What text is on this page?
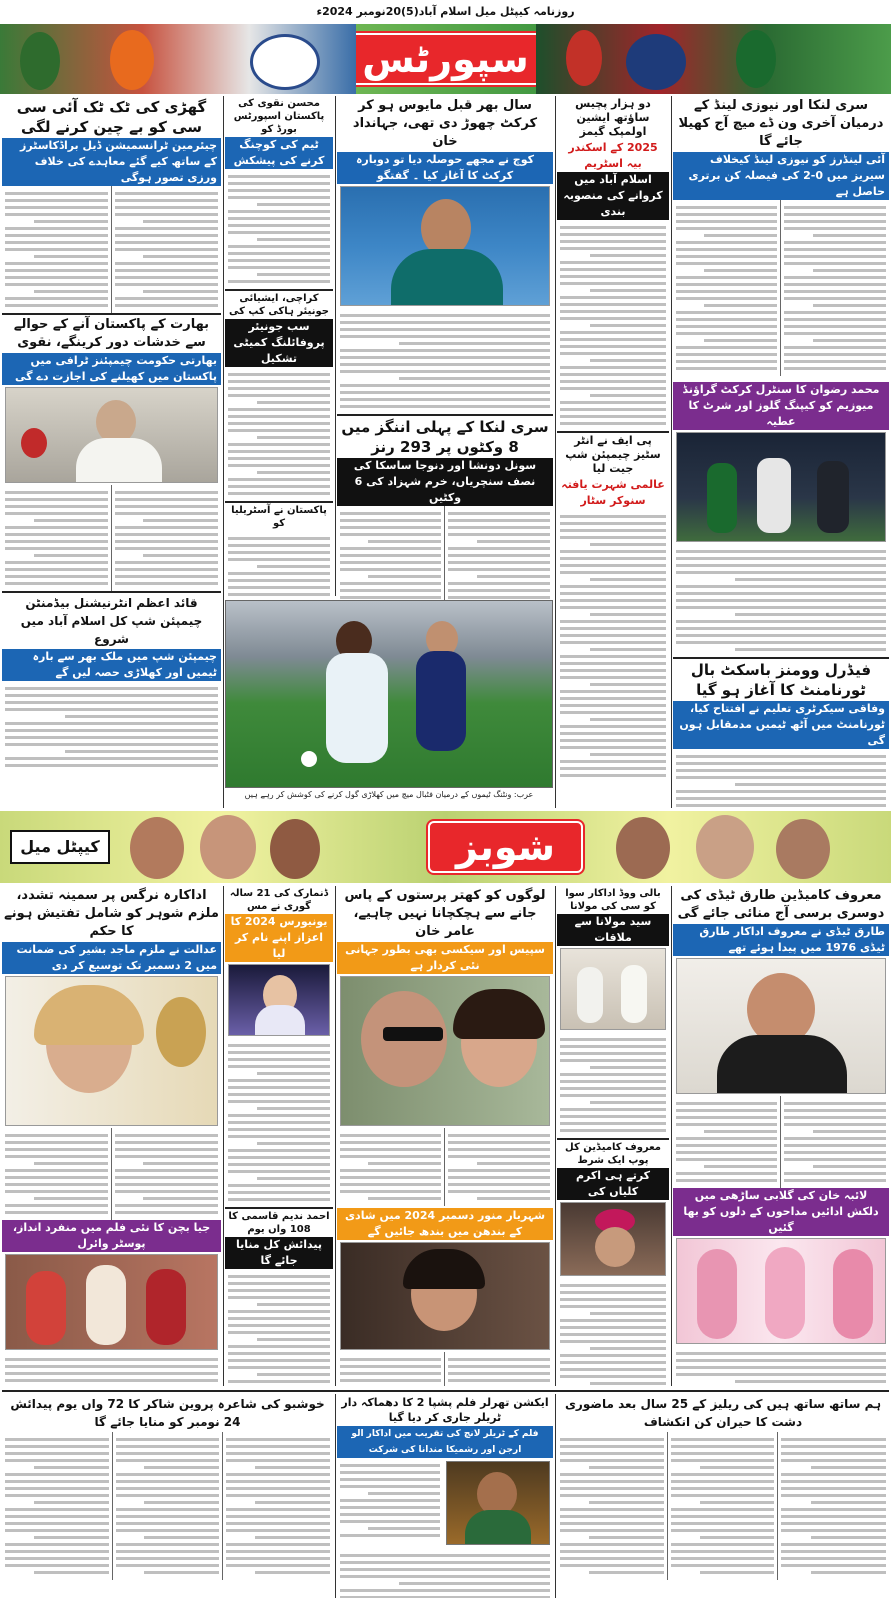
روزنامہ کیپٹل میل اسلام آباد(5)20نومبر 2024ء
سپورٹس
سری لنکا اور نیوزی لینڈ کے درمیان آخری ون ڈے میچ آج کھیلا جائے گا
آئی لینڈرز کو نیوزی لینڈ کیخلاف سیریز میں 0-2 کی فیصلہ کن برتری حاصل ہے
محمد رضوان کا سنٹرل کرکٹ گراؤنڈ میوزیم کو کیپنگ گلوز اور شرٹ کا عطیہ
فیڈرل وومنز باسکٹ بال ٹورنامنٹ کا آغاز ہو گیا
وفاقی سیکرٹری تعلیم نے افتتاح کیا، ٹورنامنٹ میں آٹھ ٹیمیں مدمقابل ہوں گی
دو ہزار پچیس ساؤتھ ایشین اولمپک گیمز
2025 کے اسکندر بیہ اسٹریم
اسلام آباد میں کروانے کی منصوبہ بندی
پی ایف نے انٹر سٹیز چیمپئن شپ جیت لیا
عالمی شہرت یافتہ سنوکر سٹار
سال بھر قبل مایوس ہو کر کرکٹ چھوڑ دی تھی، جہانداد خان
کوچ نے مجھے حوصلہ دیا تو دوبارہ کرکٹ کا آغاز کیا ۔ گفتگو
سری لنکا کے پہلی اننگز میں 8 وکٹوں پر 293 رنز
سونل دونشا اور دنوجا ساسکا کی نصف سنچریاں، خرم شہزاد کی 6 وکٹیں
محسن نقوی کی پاکستان اسپورٹس بورڈ کو
ٹیم کی کوچنگ کرنے کی پیشکش
کراچی، ایشیائی جونیئر ہاکی کپ کی
سب جونیئر پروفائلنگ کمیٹی تشکیل
پاکستان نے آسٹریلیا کو
عرب: ونٹنگ ٹیموں کے درمیان فٹبال میچ میں کھلاڑی گول کرنے کی کوشش کر رہے ہیں
گھڑی کی ٹک ٹک آئی سی سی کو بے چین کرنے لگی
چیئرمین ٹرانسمیشن ڈیل براڈکاسٹرز کے ساتھ کیے گئے معاہدے کی خلاف ورزی تصور ہوگی
بھارت کے پاکستان آنے کے حوالے سے خدشات دور کرینگے، نقوی
بھارتی حکومت چیمپئنز ٹرافی میں پاکستان میں کھیلنے کی اجازت دے گی
قائد اعظم انٹرنیشنل بیڈمنٹن چیمپئن شپ کل اسلام آباد میں شروع
چیمپئن شپ میں ملک بھر سے بارہ ٹیمیں اور کھلاڑی حصہ لیں گے
کیپٹل میل	شوبز
معروف کامیڈین طارق ٹیڈی کی دوسری برسی آج منائی جائے گی
طارق ٹیڈی نے معروف اداکار طارق ٹیڈی 1976 میں پیدا ہوئے تھے
لائبہ خان کی گلابی ساڑھی میں دلکش ادائیں مداحوں کے دلوں کو بھا گئیں
بالی ووڈ اداکار سوا کو سی کی مولانا
سید مولانا سے ملاقات
معروف کامیڈین کل پوپ ایک شرط
کرتے ہی اکرم کلیاں کی
لوگوں کو کھتر پرستوں کے پاس جانے سے ہچکچانا نہیں چاہیے، عامر خان
سپیس اور سیکسی بھی بطور جہانی نئی کردار ہے
شہریار منور دسمبر 2024 میں شادی کے بندھن میں بندھ جائیں گے
ڈنمارک کی 21 سالہ گوری نے مس
یونیورس 2024 کا اعزاز اپنے نام کر لیا
احمد ندیم قاسمی کا 108 واں یوم
پیدائش کل منایا جائے گا
اداکارہ نرگس پر سمینہ تشدد، ملزم شوہر کو شامل تفتیش ہونے کا حکم
عدالت نے ملزم ماجد بشیر کی ضمانت میں 2 دسمبر تک توسیع کر دی
جیا بچن کا نئی فلم میں منفرد انداز، پوسٹر وائرل
ہم ساتھ ساتھ ہیں کی ریلیز کے 25 سال بعد ماضوری دشت کا حیران کن انکشاف
ایکشن تھرلر فلم پشپا 2 کا دھماکہ دار ٹریلر جاری کر دیا گیا
فلم کے ٹریلر لانچ کی تقریب میں اداکار الو ارجن اور رشمیکا مندانا کی شرکت
خوشبو کی شاعرہ پروین شاکر کا 72 واں یوم پیدائش 24 نومبر کو منایا جائے گا
